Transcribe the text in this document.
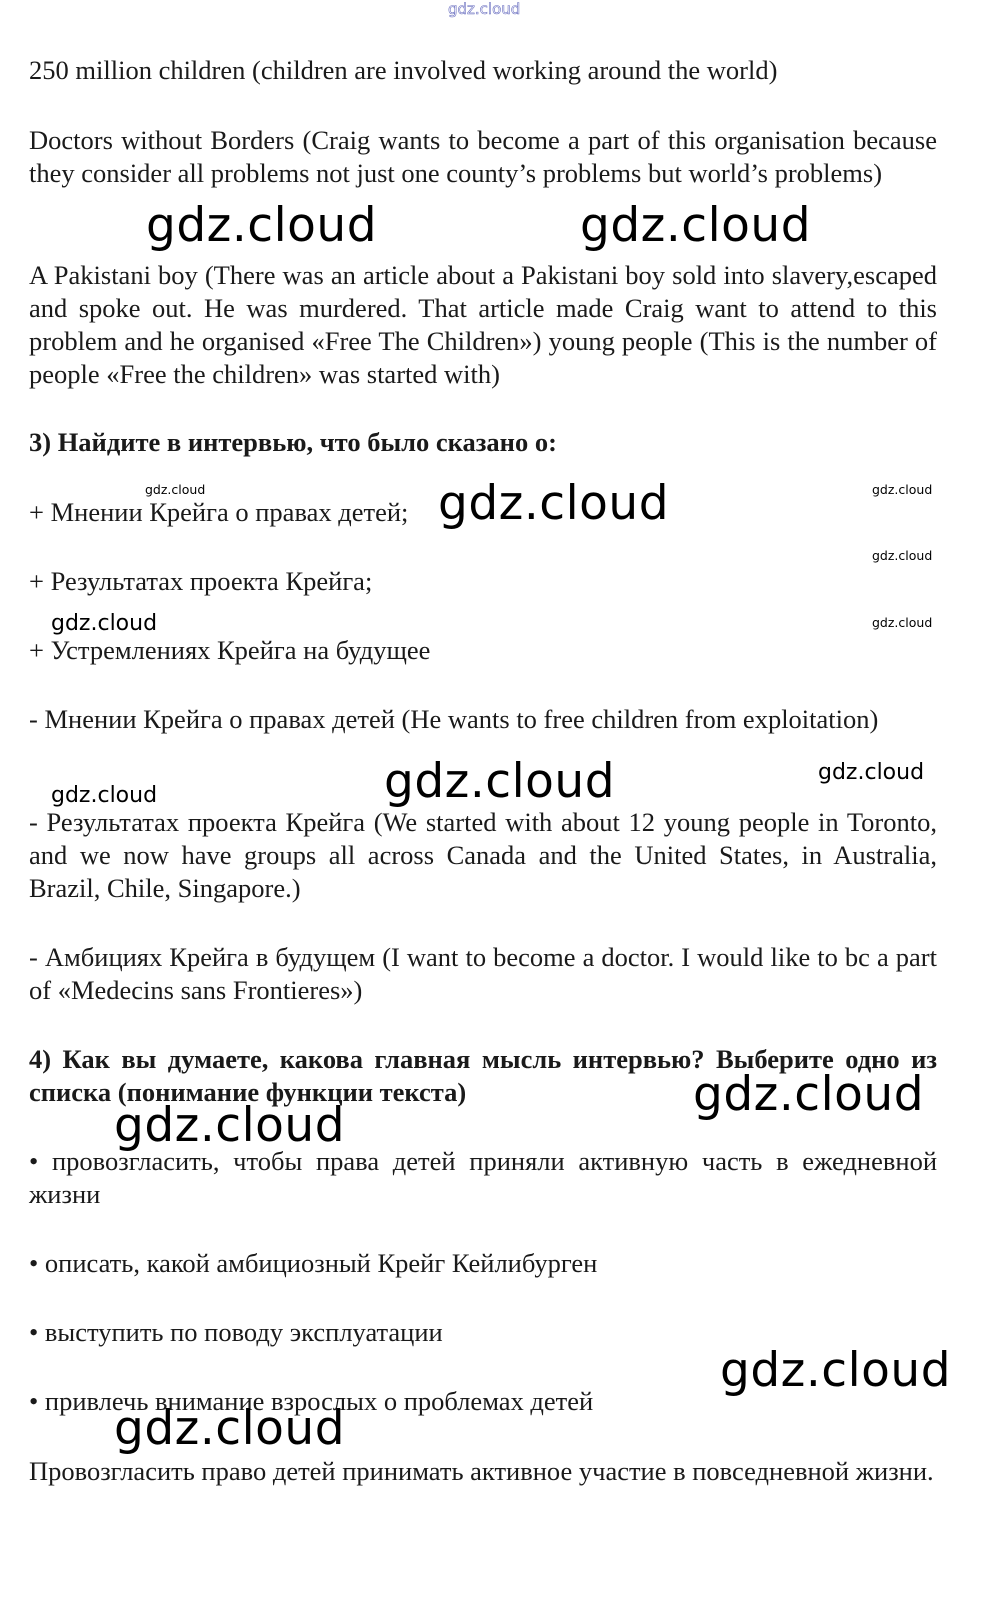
gdz.cloud

250 million children (children are involved working around the world)

Doctors without Borders (Craig wants to become a part of this organisation because they consider all problems not just one county’s problems but world’s problems)

A Pakistani boy (There was an article about a Pakistani boy sold into slavery,escaped and spoke out. He was murdered. That article made Craig want to attend to this problem and he organised «Free The Children») young people (This is the number of people «Free the children» was started with)

3) Найдите в интервью, что было сказано о:

+ Мнении Крейга о правах детей;

+ Результатах проекта Крейга;

+ Устремлениях Крейга на будущее

- Мнении Крейга о правах детей (He wants to free children from exploitation)

- Результатах проекта Крейга (We started with about 12 young people in Toronto, and we now have groups all across Canada and the United States, in Australia, Brazil, Chile, Singapore.)

- Амбициях Крейга в будущем (I want to become a doctor. I would like to bc a part of «Medecins sans Frontieres»)

4) Как вы думаете, какова главная мысль интервью? Выберите одно из списка (понимание функции текста)

• провозгласить, чтобы права детей приняли активную часть в ежедневной жизни

• описать, какой амбициозный Крейг Кейлибурген

• выступить по поводу эксплуатации

• привлечь внимание взрослых о проблемах детей

Провозгласить право детей принимать активное участие в повседневной жизни.

gdz.cloud	gdz.cloud
gdz.cloud	gdz.cloud	gdz.cloud
gdz.cloud
gdz.cloud	gdz.cloud
gdz.cloud	gdz.cloud
gdz.cloud
gdz.cloud
gdz.cloud
gdz.cloud
gdz.cloud
